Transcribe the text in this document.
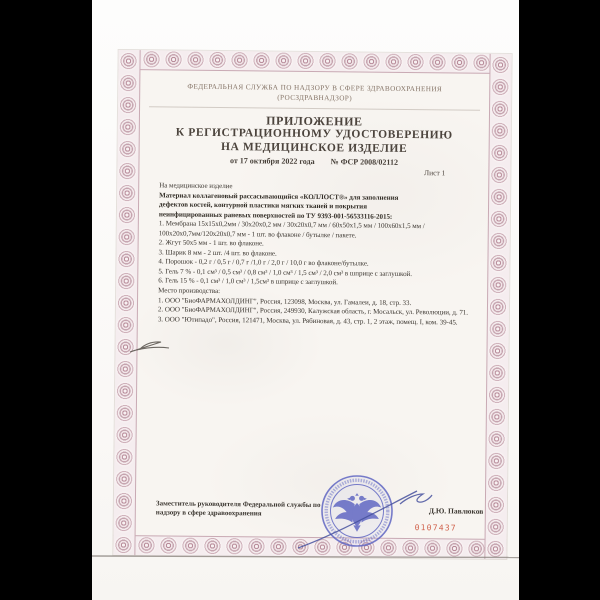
ФЕДЕРАЛЬНАЯ СЛУЖБА ПО НАДЗОРУ В СФЕРЕ ЗДРАВООХРАНЕНИЯ
(РОСЗДРАВНАДЗОР)
ПРИЛОЖЕНИЕ
К РЕГИСТРАЦИОННОМУ УДОСТОВЕРЕНИЮ
НА МЕДИЦИНСКОЕ ИЗДЕЛИЕ
от 17 октября 2022 года № ФСР 2008/02112
Лист 1

На медицинское изделие

Материал коллагеновый рассасывающийся «КОЛЛОСТ®» для заполнения

дефектов костей, контурной пластики мягких тканей и покрытия

неинфицированных раневых поверхностей по ТУ 9393-001-56533116-2015:

1. Мембрана 15х15х0,2мм / 30х20х0,2 мм / 30х20х0,7 мм / 60х50х1,5 мм / 100х60х1,5 мм / 100х20х0,7мм/120х20х0,7 мм - 1 шт. во флаконе / бутылке / пакете.

2. Жгут 50х5 мм - 1 шт. во флаконе.

3. Шарик 8 мм - 2 шт. /4 шт. во флаконе.

4. Порошок - 0,2 г / 0,5 г / 0,7 г /1,0 г / 2,0 г / 10,0 г во флаконе/бутылке.

5. Гель 7 % - 0,1 см³ / 0,5 см³ / 0,8 см³ / 1,0 см³ / 1,5 см³ / 2,0 см³ в шприце с заглушкой.

6. Гель 15 % - 0,1 см³ / 1,0 см³ / 1,5см³ в шприце с заглушкой.

Место производства:

1. ООО "БиоФАРМАХОЛДИНГ", Россия, 123098, Москва, ул. Гамалеи, д. 18, стр. 33.

2. ООО "БиоФАРМАХОЛДИНГ", Россия, 249930, Калужская область, г. Мосальск, ул. Революции, д. 71.

3. ООО "Ютипадо", Россия, 121471, Москва, ул. Рябиновая, д. 43, стр. 1, 2 этаж, помещ. I, ком. 39-45.

Заместитель руководителя Федеральной службы по надзору в сфере здравоохранения	Д.Ю. Павлюков
0107437
